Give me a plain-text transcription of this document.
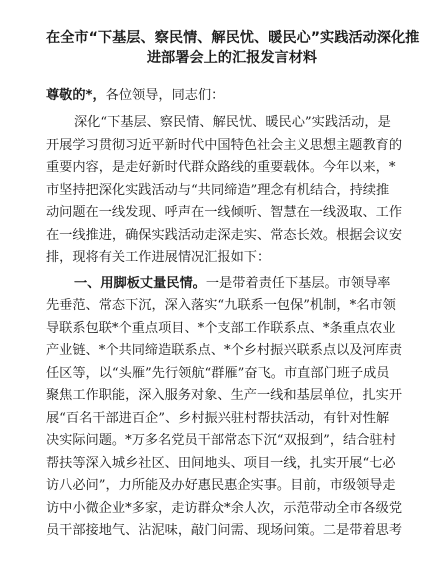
在全市“下基层、察民情、解民忧、暖民心”实践活动深化推
进部署会上的汇报发言材料
尊敬的*，各位领导，同志们：
深化“下基层、察民情、解民忧、暖民心”实践活动，是
开展学习贯彻习近平新时代中国特色社会主义思想主题教育的
重要内容，是走好新时代群众路线的重要载体。今年以来，*
市坚持把深化实践活动与“共同缔造”理念有机结合，持续推
动问题在一线发现、呼声在一线倾听、智慧在一线汲取、工作
在一线推进，确保实践活动走深走实、常态长效。根据会议安
排，现将有关工作进展情况汇报如下：
一、用脚板丈量民情。一是带着责任下基层。市领导率
先垂范、常态下沉，深入落实“九联系一包保”机制，*名市领
导联系包联*个重点项目、*个支部工作联系点、*条重点农业
产业链、*个共同缔造联系点、*个乡村振兴联系点以及河库责
任区等，以“头雁”先行领航“群雁”奋飞。市直部门班子成员
聚焦工作职能，深入服务对象、生产一线和基层单位，扎实开
展“百名干部进百企”、乡村振兴驻村帮扶活动，有针对性解
决实际问题。*万多名党员干部常态下沉“双报到”，结合驻村
帮扶等深入城乡社区、田间地头、项目一线，扎实开展“七必
访八必问”，力所能及办好惠民惠企实事。目前，市级领导走
访中小微企业*多家，走访群众*余人次，示范带动全市各级党
员干部接地气、沾泥味，敲门问需、现场问策。二是带着思考
